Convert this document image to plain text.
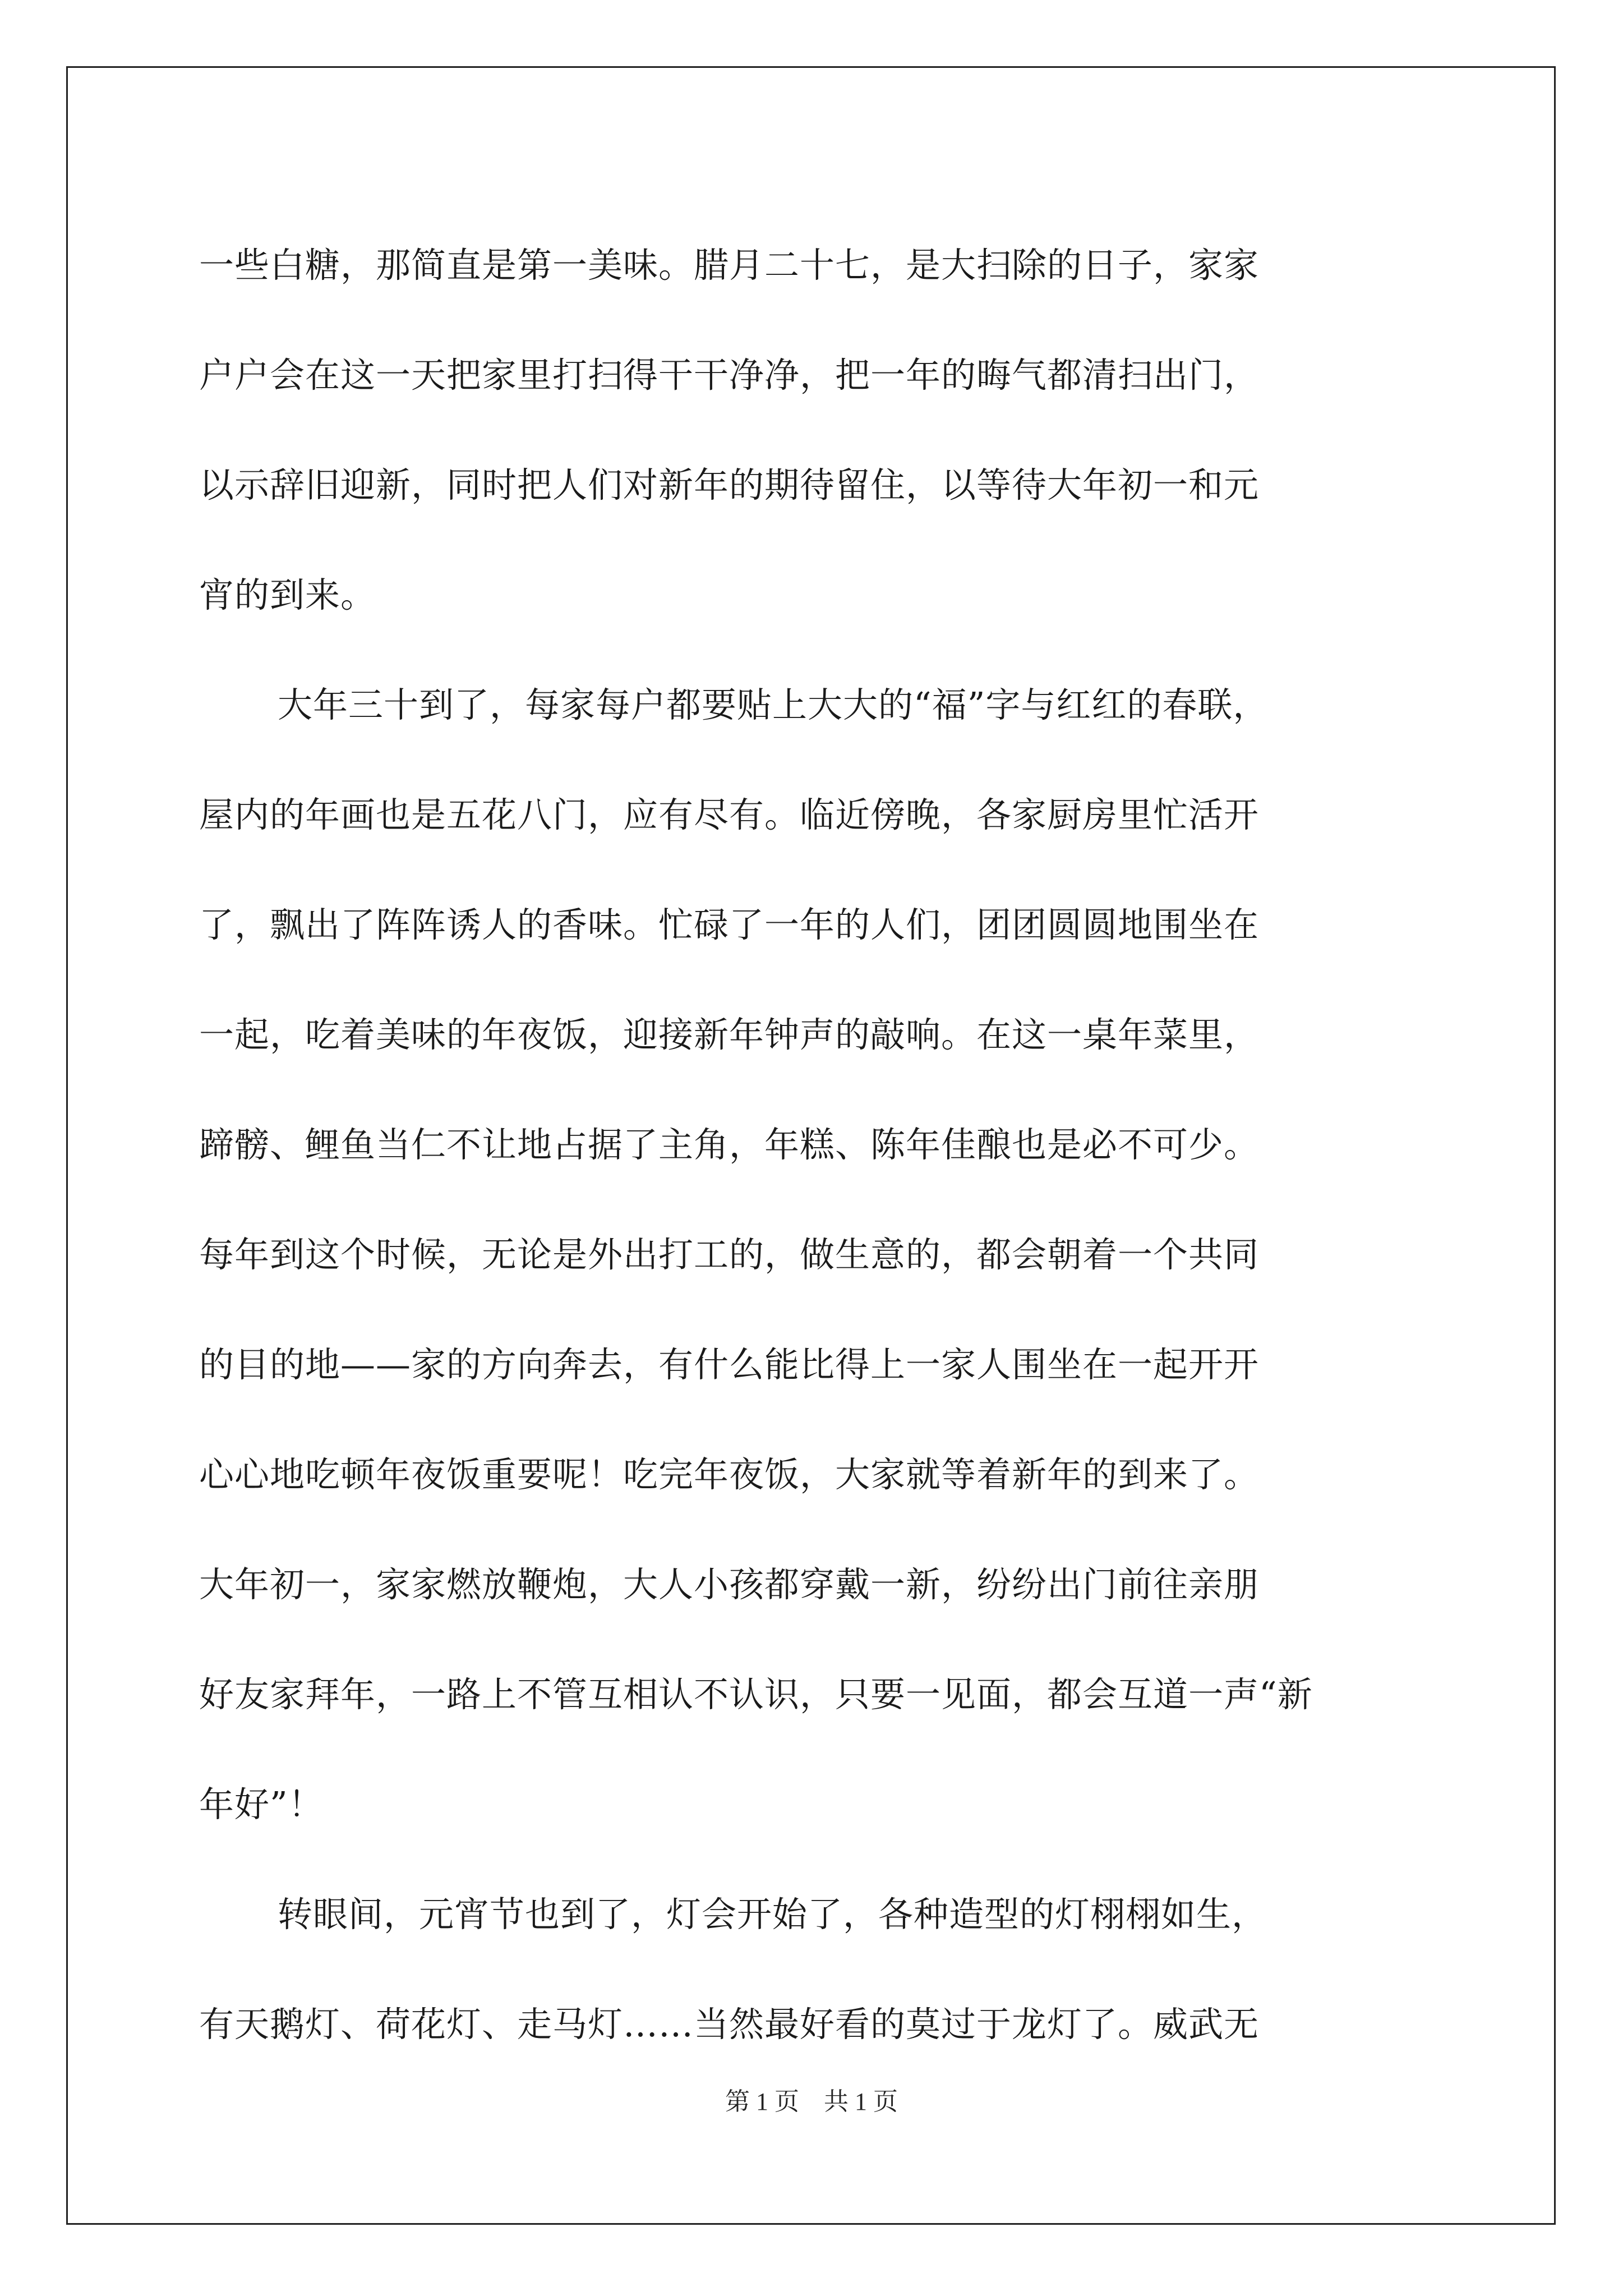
一些白糖，那简直是第一美味。腊月二十七，是大扫除的日子，家家
户户会在这一天把家里打扫得干干净净，把一年的晦气都清扫出门，
以示辞旧迎新，同时把人们对新年的期待留住，以等待大年初一和元
宵的到来。
大年三十到了，每家每户都要贴上大大的“福”字与红红的春联，
屋内的年画也是五花八门，应有尽有。临近傍晚，各家厨房里忙活开
了，飘出了阵阵诱人的香味。忙碌了一年的人们，团团圆圆地围坐在
一起，吃着美味的年夜饭，迎接新年钟声的敲响。在这一桌年菜里，
蹄髈、鲤鱼当仁不让地占据了主角，年糕、陈年佳酿也是必不可少。
每年到这个时候，无论是外出打工的，做生意的，都会朝着一个共同
的目的地——家的方向奔去，有什么能比得上一家人围坐在一起开开
心心地吃顿年夜饭重要呢！吃完年夜饭，大家就等着新年的到来了。
大年初一，家家燃放鞭炮，大人小孩都穿戴一新，纷纷出门前往亲朋
好友家拜年，一路上不管互相认不认识，只要一见面，都会互道一声“新
年好”！
转眼间，元宵节也到了，灯会开始了，各种造型的灯栩栩如生，
有天鹅灯、荷花灯、走马灯……当然最好看的莫过于龙灯了。威武无
第 1 页　共 1 页
